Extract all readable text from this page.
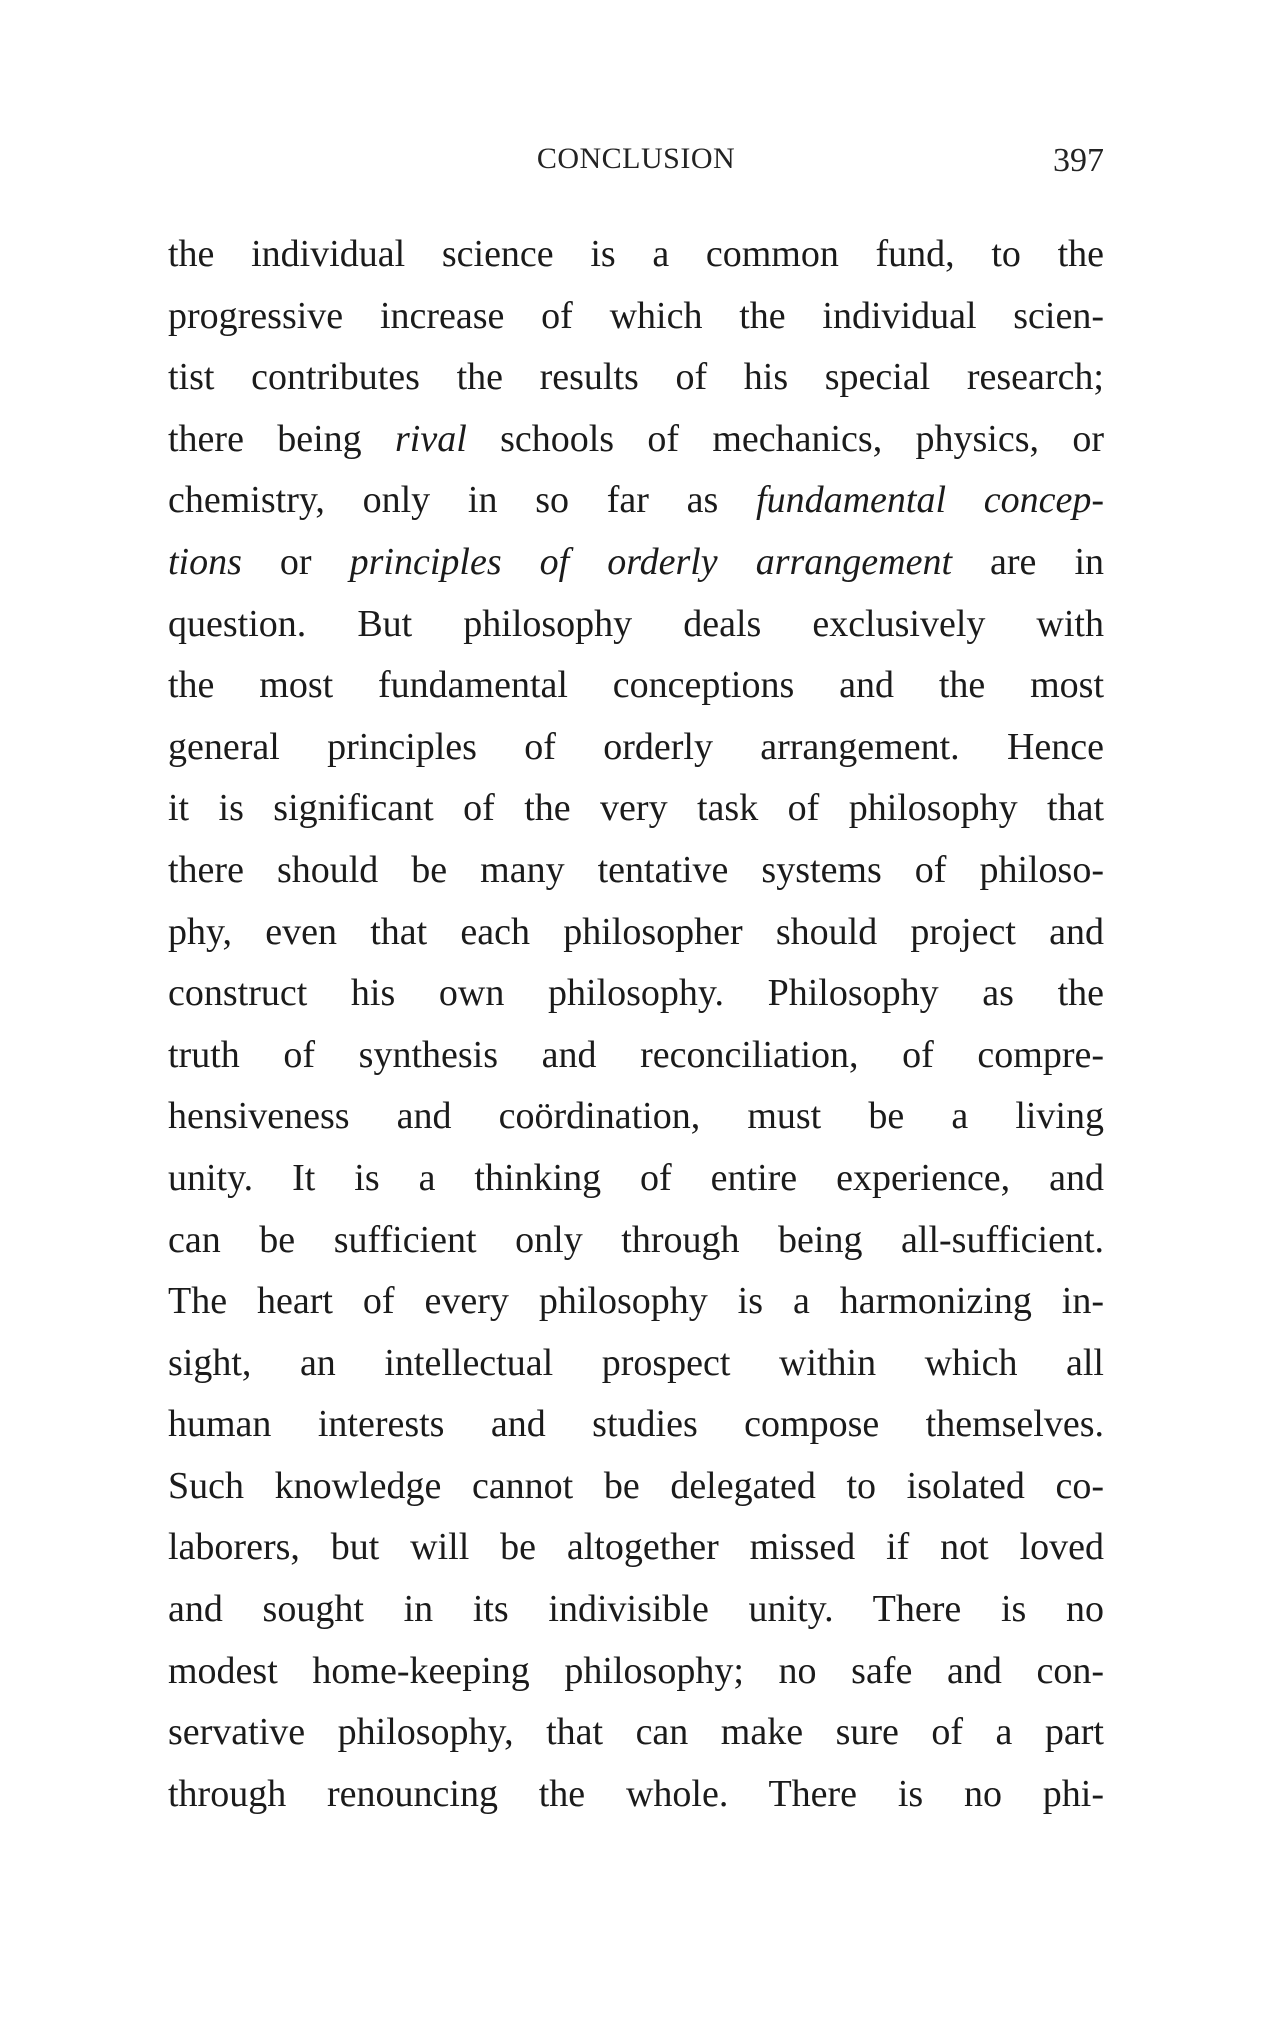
CONCLUSION	397
the individual science is a common fund, to the
progressive increase of which the individual scien-
tist contributes the results of his special research;
there being rival schools of mechanics, physics, or
chemistry, only in so far as fundamental concep-
tions or principles of orderly arrangement are in
question. But philosophy deals exclusively with
the most fundamental conceptions and the most
general principles of orderly arrangement. Hence
it is significant of the very task of philosophy that
there should be many tentative systems of philoso-
phy, even that each philosopher should project and
construct his own philosophy. Philosophy as the
truth of synthesis and reconciliation, of compre-
hensiveness and coördination, must be a living
unity. It is a thinking of entire experience, and
can be sufficient only through being all-sufficient.
The heart of every philosophy is a harmonizing in-
sight, an intellectual prospect within which all
human interests and studies compose themselves.
Such knowledge cannot be delegated to isolated co-
laborers, but will be altogether missed if not loved
and sought in its indivisible unity. There is no
modest home-keeping philosophy; no safe and con-
servative philosophy, that can make sure of a part
through renouncing the whole. There is no phi-
